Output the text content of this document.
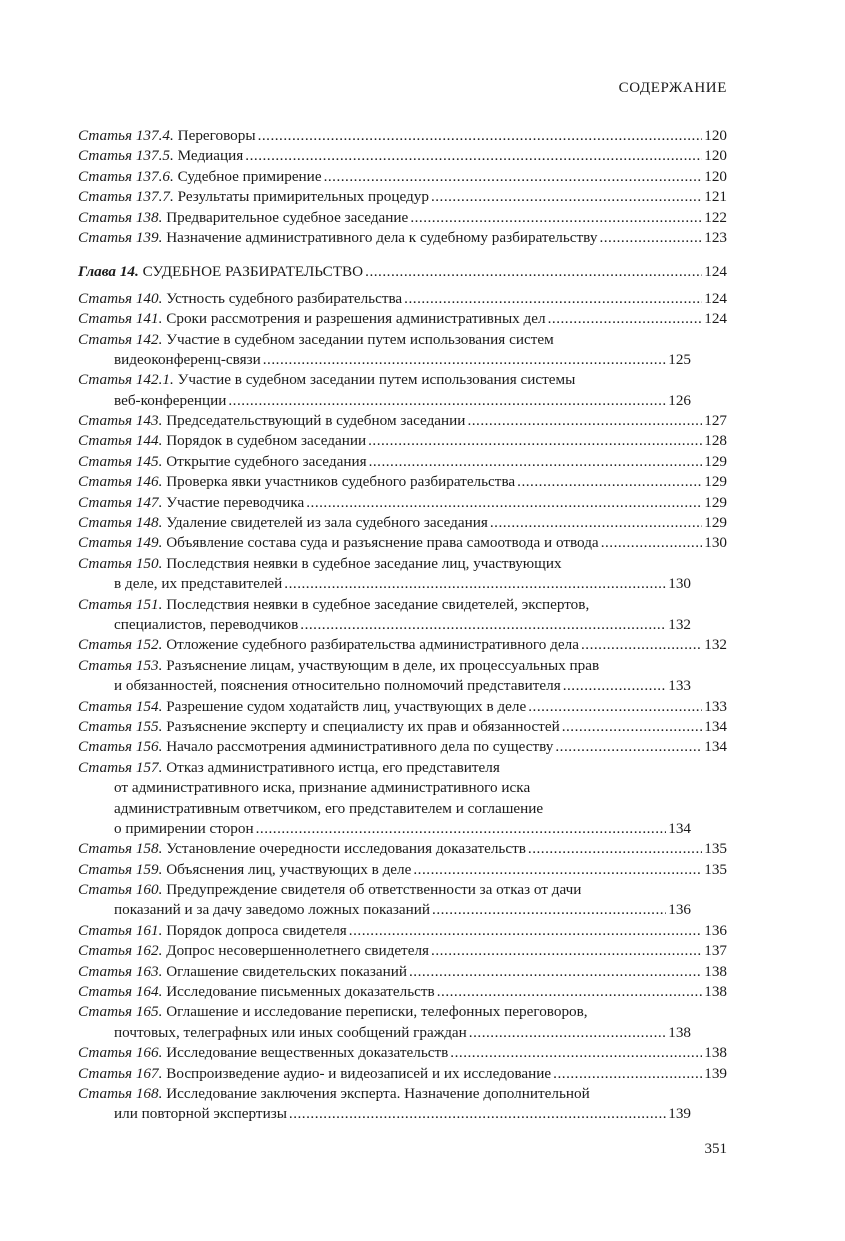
СОДЕРЖАНИЕ
Статья 137.4. Переговоры .....	120
Статья 137.5. Медиация .....	120
Статья 137.6. Судебное примирение .....	120
Статья 137.7. Результаты примирительных процедур .....	121
Статья 138. Предварительное судебное заседание .....	122
Статья 139. Назначение административного дела к судебному разбирательству .....	123
Глава 14. СУДЕБНОЕ РАЗБИРАТЕЛЬСТВО .....	124
Статья 140. Устность судебного разбирательства .....	124
Статья 141. Сроки рассмотрения и разрешения административных дел .....	124
Статья 142. Участие в судебном заседании путем использования систем
видеоконференц-связи .....	125
Статья 142.1. Участие в судебном заседании путем использования системы
веб-конференции .....	126
Статья 143. Председательствующий в судебном заседании .....	127
Статья 144. Порядок в судебном заседании .....	128
Статья 145. Открытие судебного заседания .....	129
Статья 146. Проверка явки участников судебного разбирательства .....	129
Статья 147. Участие переводчика .....	129
Статья 148. Удаление свидетелей из зала судебного заседания .....	129
Статья 149. Объявление состава суда и разъяснение права самоотвода и отвода .....	130
Статья 150. Последствия неявки в судебное заседание лиц, участвующих
в деле, их представителей .....	130
Статья 151. Последствия неявки в судебное заседание свидетелей, экспертов,
специалистов, переводчиков .....	132
Статья 152. Отложение судебного разбирательства административного дела .....	132
Статья 153. Разъяснение лицам, участвующим в деле, их процессуальных прав
и обязанностей, пояснения относительно полномочий представителя .....	133
Статья 154. Разрешение судом ходатайств лиц, участвующих в деле .....	133
Статья 155. Разъяснение эксперту и специалисту их прав и обязанностей .....	134
Статья 156. Начало рассмотрения административного дела по существу .....	134
Статья 157. Отказ административного истца, его представителя
от административного иска, признание административного иска
административным ответчиком, его представителем и соглашение
о примирении сторон .....	134
Статья 158. Установление очередности исследования доказательств .....	135
Статья 159. Объяснения лиц, участвующих в деле .....	135
Статья 160. Предупреждение свидетеля об ответственности за отказ от дачи
показаний и за дачу заведомо ложных показаний .....	136
Статья 161. Порядок допроса свидетеля .....	136
Статья 162. Допрос несовершеннолетнего свидетеля .....	137
Статья 163. Оглашение свидетельских показаний .....	138
Статья 164. Исследование письменных доказательств .....	138
Статья 165. Оглашение и исследование переписки, телефонных переговоров,
почтовых, телеграфных или иных сообщений граждан .....	138
Статья 166. Исследование вещественных доказательств .....	138
Статья 167. Воспроизведение аудио- и видеозаписей и их исследование .....	139
Статья 168. Исследование заключения эксперта. Назначение дополнительной
или повторной экспертизы .....	139
351
